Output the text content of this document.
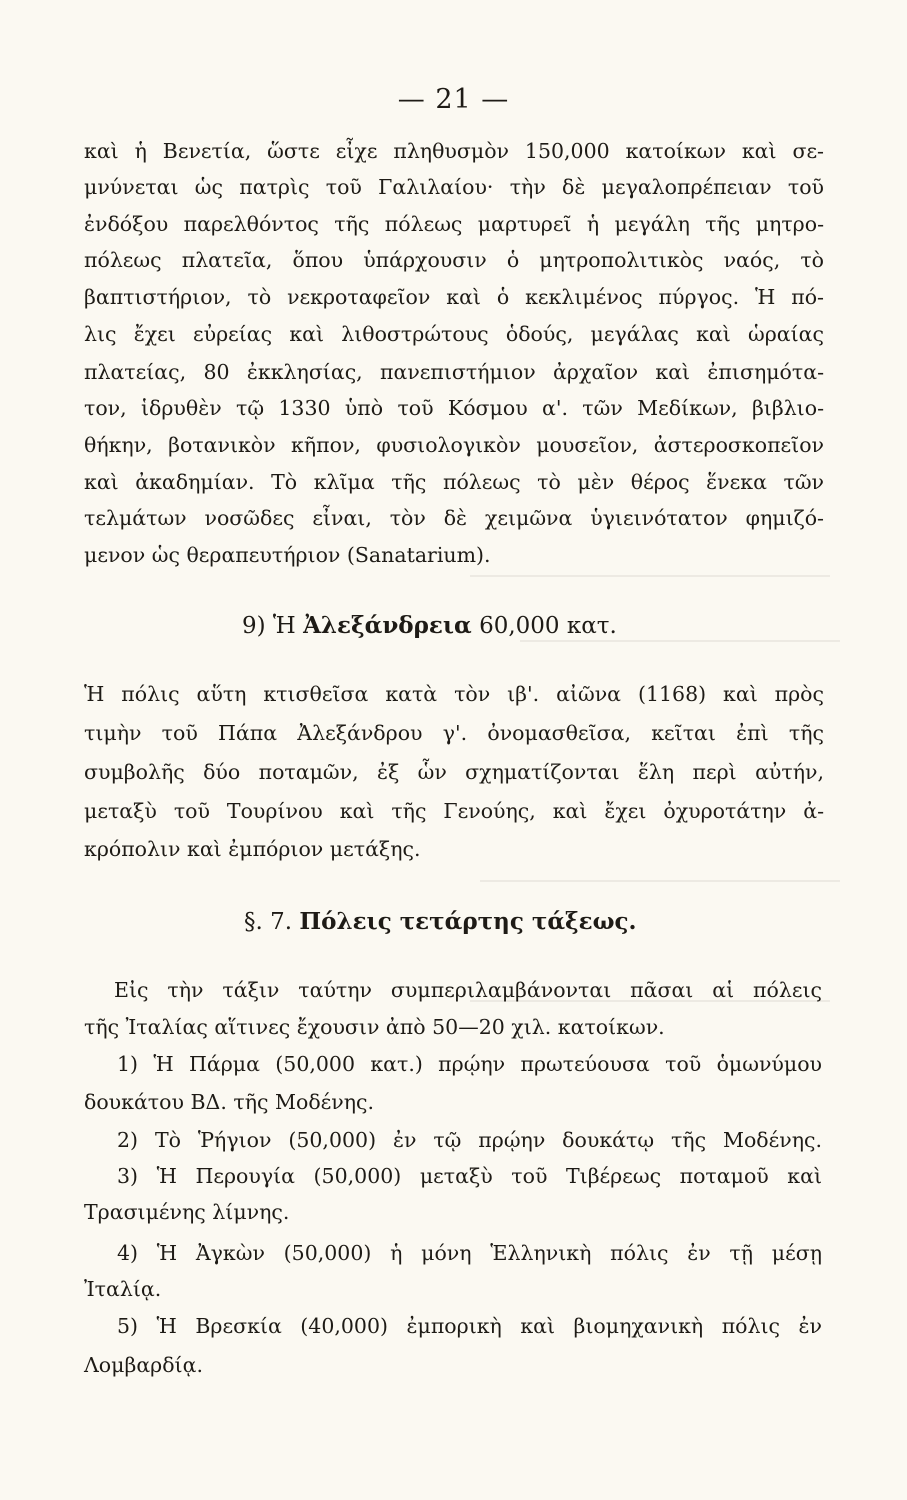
— 21 —
καὶ ἡ Βενετία, ὥστε εἶχε πληθυσμὸν 150,000 κατοίκων καὶ σε-
μνύνεται ὡς πατρὶς τοῦ Γαλιλαίου· τὴν δὲ μεγαλοπρέπειαν τοῦ
ἐνδόξου παρελθόντος τῆς πόλεως μαρτυρεῖ ἡ μεγάλη τῆς μητρο-
πόλεως πλατεῖα, ὅπου ὑπάρχουσιν ὁ μητροπολιτικὸς ναός, τὸ
βαπτιστήριον, τὸ νεκροταφεῖον καὶ ὁ κεκλιμένος πύργος. Ἡ πό-
λις ἔχει εὐρείας καὶ λιθοστρώτους ὁδούς, μεγάλας καὶ ὡραίας
πλατείας, 80 ἐκκλησίας, πανεπιστήμιον ἀρχαῖον καὶ ἐπισημότα-
τον, ἱδρυθὲν τῷ 1330 ὑπὸ τοῦ Κόσμου α'. τῶν Μεδίκων, βιβλιο-
θήκην, βοτανικὸν κῆπον, φυσιολογικὸν μουσεῖον, ἀστεροσκοπεῖον
καὶ ἀκαδημίαν. Τὸ κλῖμα τῆς πόλεως τὸ μὲν θέρος ἕνεκα τῶν
τελμάτων νοσῶδες εἶναι, τὸν δὲ χειμῶνα ὑγιεινότατον φημιζό-
μενον ὡς θεραπευτήριον (Sanatarium).
9) Ἡ Ἀλεξάνδρεια 60,000 κατ.
Ἡ πόλις αὕτη κτισθεῖσα κατὰ τὸν ιβ'. αἰῶνα (1168) καὶ πρὸς
τιμὴν τοῦ Πάπα Ἀλεξάνδρου γ'. ὀνομασθεῖσα, κεῖται ἐπὶ τῆς
συμβολῆς δύο ποταμῶν, ἐξ ὧν σχηματίζονται ἕλη περὶ αὐτήν,
μεταξὺ τοῦ Τουρίνου καὶ τῆς Γενούης, καὶ ἔχει ὀχυροτάτην ἀ-
κρόπολιν καὶ ἐμπόριον μετάξης.
§. 7. Πόλεις τετάρτης τάξεως.
Εἰς τὴν τάξιν ταύτην συμπεριλαμβάνονται πᾶσαι αἱ πόλεις
τῆς Ἰταλίας αἵτινες ἔχουσιν ἀπὸ 50—20 χιλ. κατοίκων.
1) Ἡ Πάρμα (50,000 κατ.) πρῴην πρωτεύουσα τοῦ ὁμωνύμου
δουκάτου ΒΔ. τῆς Μοδένης.
2) Τὸ Ῥήγιον (50,000) ἐν τῷ πρῴην δουκάτῳ τῆς Μοδένης.
3) Ἡ Περουγία (50,000) μεταξὺ τοῦ Τιβέρεως ποταμοῦ καὶ
Τρασιμένης λίμνης.
4) Ἡ Ἀγκὼν (50,000) ἡ μόνη Ἑλληνικὴ πόλις ἐν τῇ μέσῃ
Ἰταλίᾳ.
5) Ἡ Βρεσκία (40,000) ἐμπορικὴ καὶ βιομηχανικὴ πόλις ἐν
Λομβαρδίᾳ.
